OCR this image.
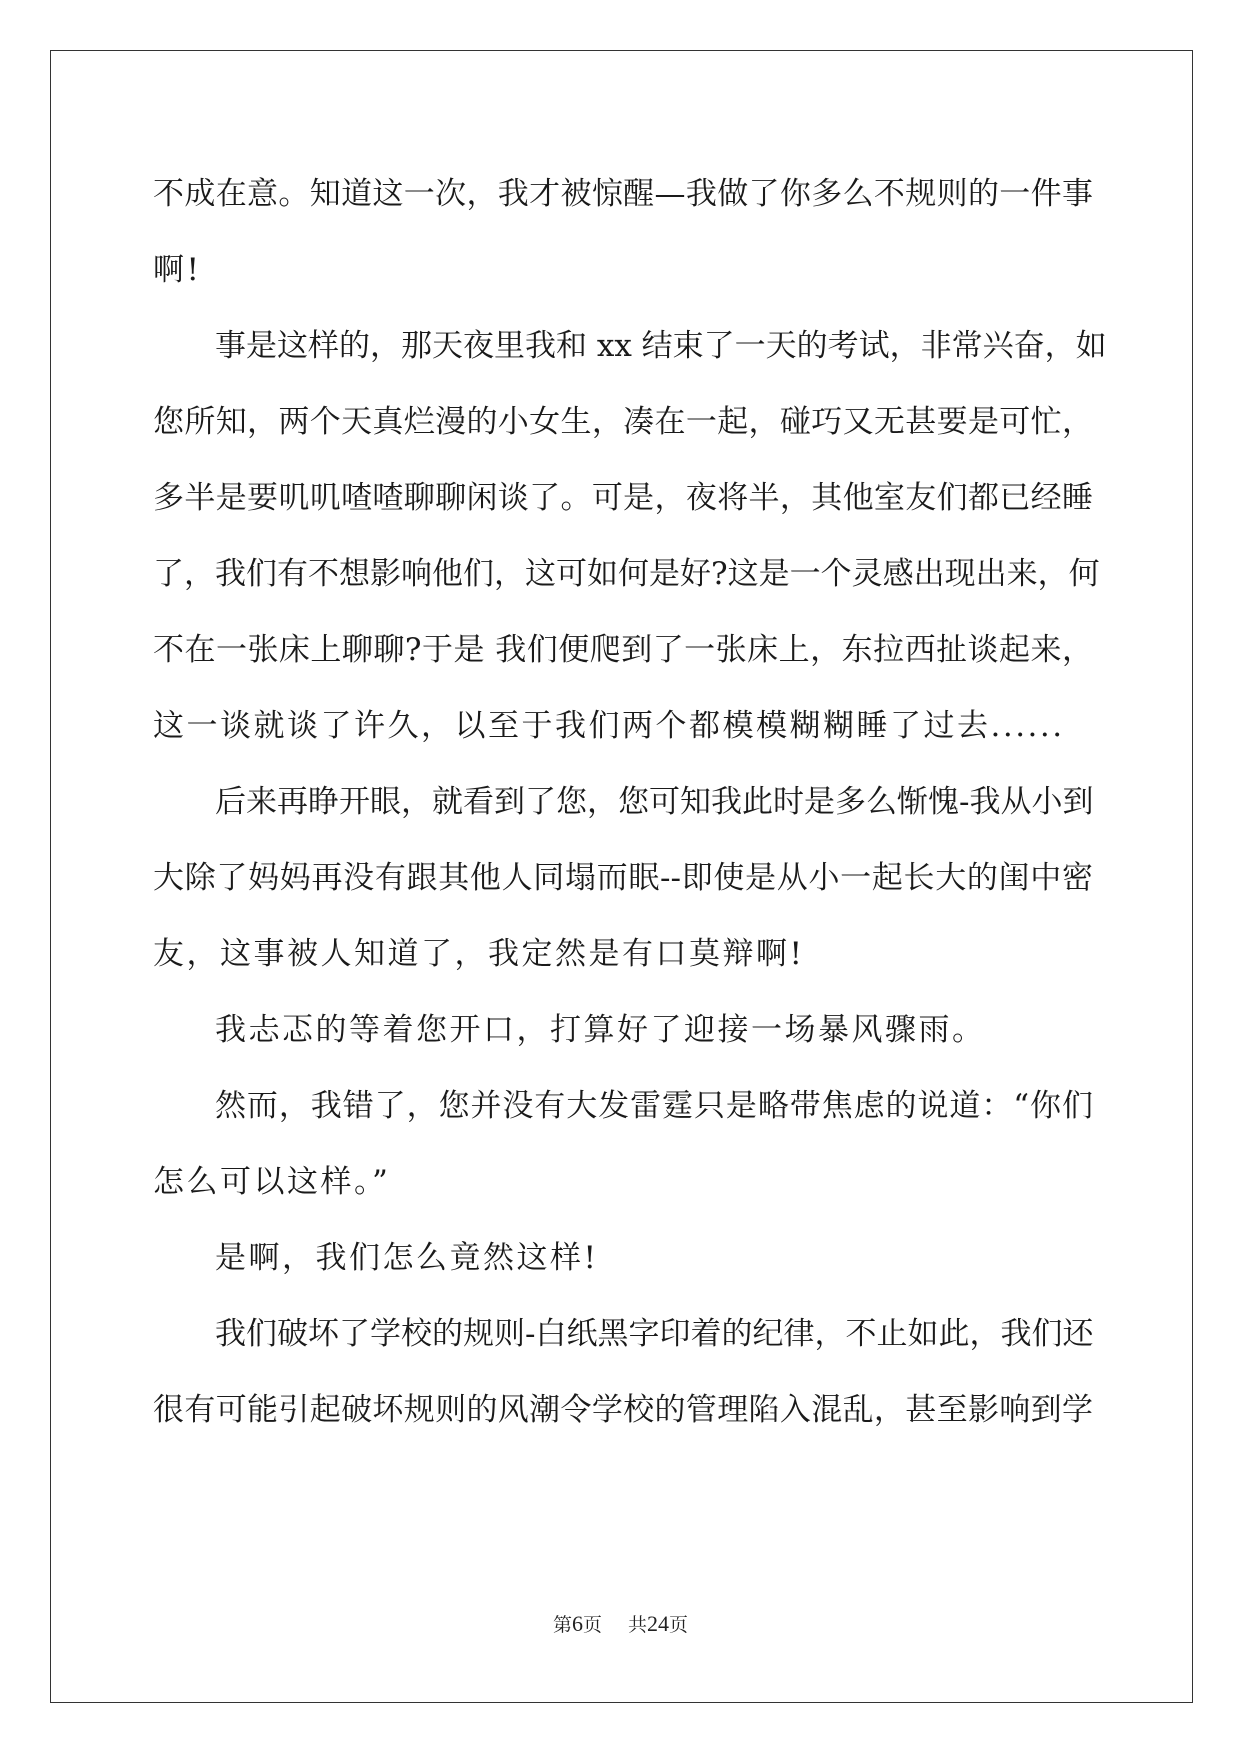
不成在意。知道这一次，我才被惊醒—我做了你多么不规则的一件事
啊!
事是这样的，那天夜里我和 xx 结束了一天的考试，非常兴奋，如
您所知，两个天真烂漫的小女生，凑在一起，碰巧又无甚要是可忙，
多半是要叽叽喳喳聊聊闲谈了。可是，夜将半，其他室友们都已经睡
了，我们有不想影响他们，这可如何是好?这是一个灵感出现出来，何
不在一张床上聊聊?于是 我们便爬到了一张床上，东拉西扯谈起来，
这一谈就谈了许久，以至于我们两个都模模糊糊睡了过去......
后来再睁开眼，就看到了您，您可知我此时是多么惭愧-我从小到
大除了妈妈再没有跟其他人同塌而眠--即使是从小一起长大的闺中密
友，这事被人知道了，我定然是有口莫辩啊!
我忐忑的等着您开口，打算好了迎接一场暴风骤雨。
然而，我错了，您并没有大发雷霆只是略带焦虑的说道：“你们
怎么可以这样。”
是啊，我们怎么竟然这样!
我们破坏了学校的规则-白纸黑字印着的纪律，不止如此，我们还
很有可能引起破坏规则的风潮令学校的管理陷入混乱，甚至影响到学
第6页 共24页
